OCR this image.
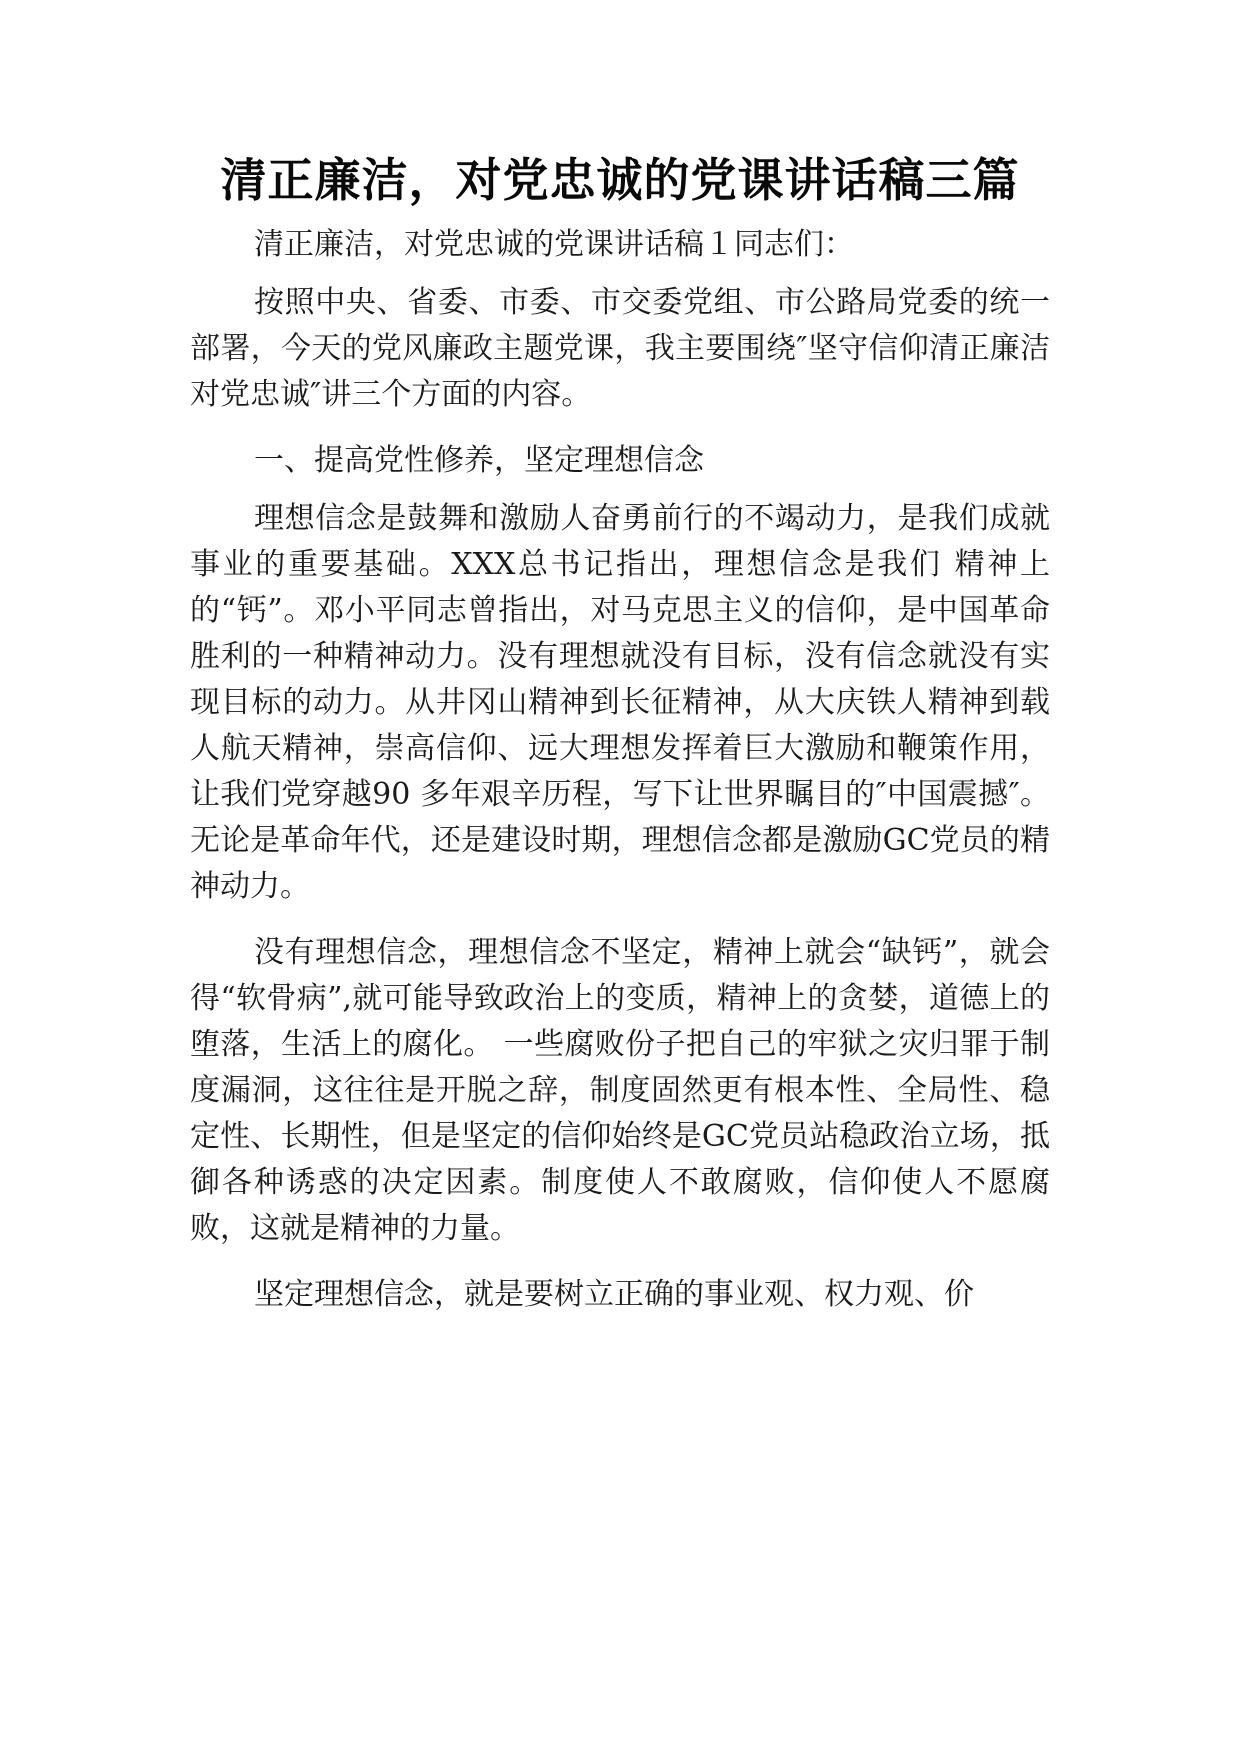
清正廉洁，对党忠诚的党课讲话稿三篇

清正廉洁，对党忠诚的党课讲话稿１同志们：

按照中央、省委、市委、市交委党组、市公路局党委的统一部署，今天的党风廉政主题党课，我主要围绕″坚守信仰清正廉洁对党忠诚″讲三个方面的内容。

一、提高党性修养，坚定理想信念

理想信念是鼓舞和激励人奋勇前行的不竭动力，是我们成就事业的重要基础。XXX总书记指出，理想信念是我们 精神上的“钙”。邓小平同志曾指出，对马克思主义的信仰，是中国革命胜利的一种精神动力。没有理想就没有目标，没有信念就没有实现目标的动力。从井冈山精神到长征精神，从大庆铁人精神到载人航天精神，崇高信仰、远大理想发挥着巨大激励和鞭策作用，让我们党穿越90 多年艰辛历程，写下让世界瞩目的″中国震撼″。无论是革命年代，还是建设时期，理想信念都是激励GC党员的精神动力。

没有理想信念，理想信念不坚定，精神上就会“缺钙”，就会得“软骨病”,就可能导致政治上的变质，精神上的贪婪，道德上的堕落，生活上的腐化。 一些腐败份子把自己的牢狱之灾归罪于制度漏洞，这往往是开脱之辞，制度固然更有根本性、全局性、稳定性、长期性，但是坚定的信仰始终是GC党员站稳政治立场，抵御各种诱惑的决定因素。制度使人不敢腐败，信仰使人不愿腐败，这就是精神的力量。

坚定理想信念，就是要树立正确的事业观、权力观、价
